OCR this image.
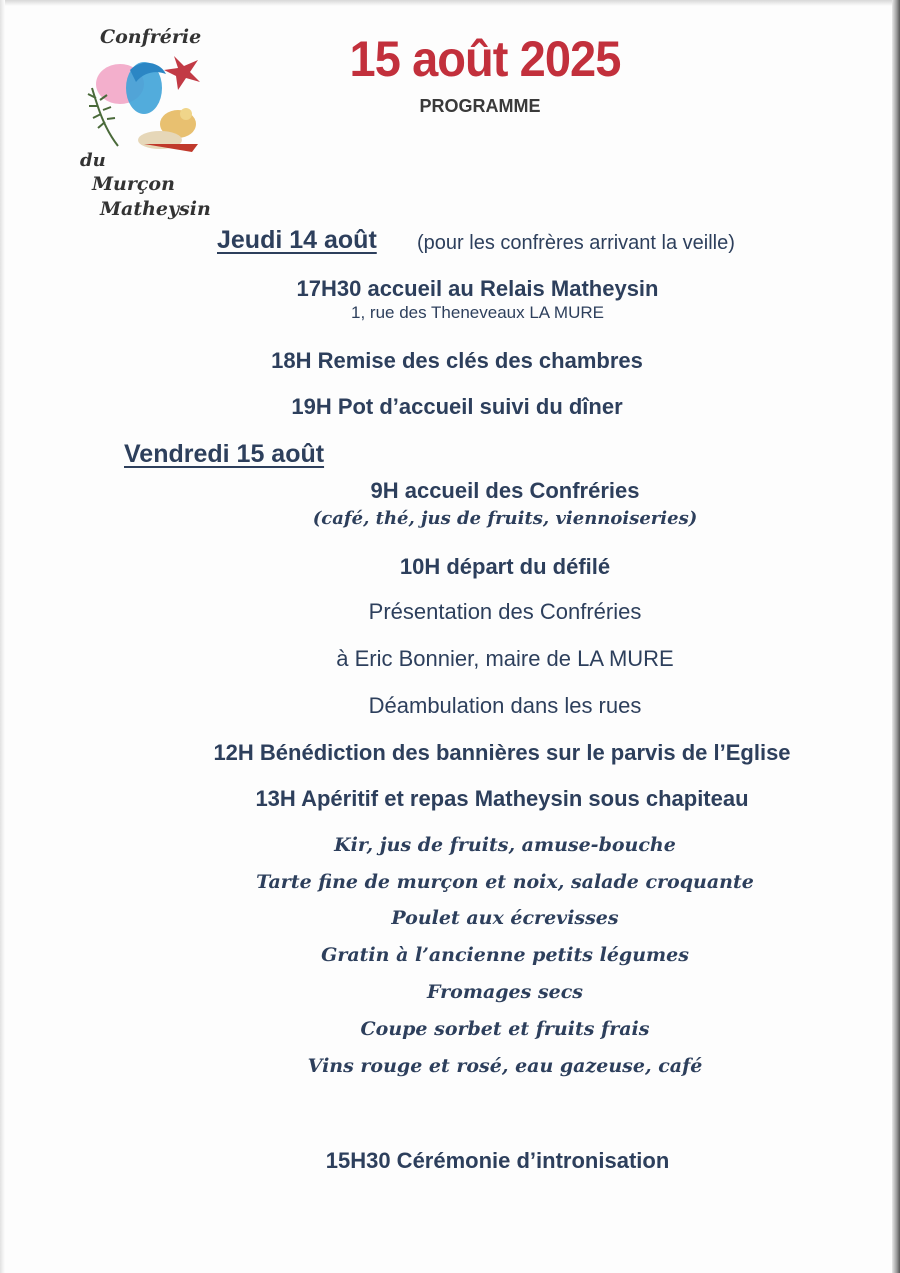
Confrérie
du
Murçon
Matheysin
15 août 2025
PROGRAMME
Jeudi 14 août (pour les confrères arrivant la veille)
17H30 accueil au Relais Matheysin
1, rue des Theneveaux LA MURE
18H Remise des clés des chambres
19H Pot d’accueil suivi du dîner
Vendredi 15 août
9H accueil des Confréries
(café, thé, jus de fruits, viennoiseries)
10H départ du défilé
Présentation des Confréries
à Eric Bonnier, maire de LA MURE
Déambulation dans les rues
12H Bénédiction des bannières sur le parvis de l’Eglise
13H Apéritif et repas Matheysin sous chapiteau
Kir, jus de fruits, amuse-bouche
Tarte fine de murçon et noix, salade croquante
Poulet aux écrevisses
Gratin à l’ancienne petits légumes
Fromages secs
Coupe sorbet et fruits frais
Vins rouge et rosé, eau gazeuse, café
15H30 Cérémonie d’intronisation
